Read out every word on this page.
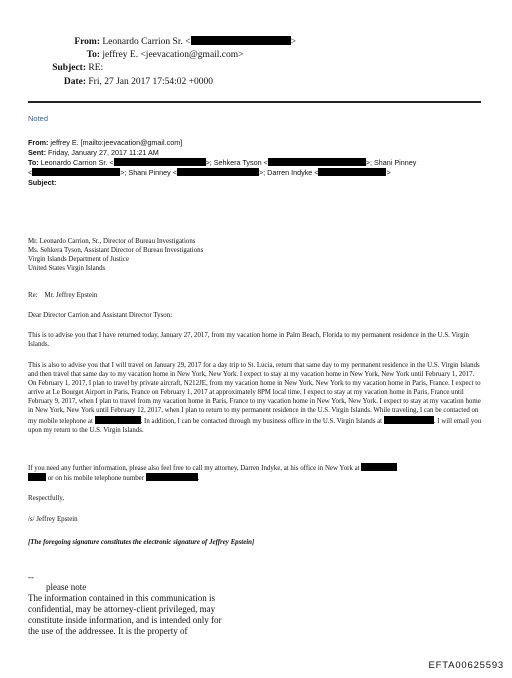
From: Leonardo Carrion Sr. <	>
To: jeffrey E. <jeevacation@gmail.com>
Subject: RE:
Date: Fri, 27 Jan 2017 17:54:02 +0000
Noted
From: jeffrey E. [mailto:jeevacation@gmail.com]
Sent: Friday, January 27, 2017 11:21 AM
To: Leonardo Carrion Sr. <	>; Sehkera Tyson <	>; Shani Pinney
<	>; Shani Pinney <	>; Darren Indyke <	>
Subject:

Mr. Leonardo Carrion, Sr., Director of Bureau Investigations

Ms. Sehkera Tyson, Assistant Director of Bureau Investigations

Virgin Islands Department of Justice

United States Virgin Islands

Re: Mr. Jeffrey Epstein
Dear Director Carrion and Assistant Director Tyson:
This is to advise you that I have returned today, January 27, 2017, from my vacation home in Palm Beach, Florida to my permanent residence in the U.S. Virgin Islands.
This is also to advise you that I will travel on January 29, 2017 for a day trip to St. Lucia, return that same day to my permanent residence in the U.S. Virgin Islands and then travel that same day to my vacation home in New York, New York. I expect to stay at my vacation home in New York, New York until February 1, 2017. On February 1, 2017, I plan to travel by private aircraft, N212JE, from my vacation home in New York, New York to my vacation home in Paris, France. I expect to arrive at Le Bourget Airport in Paris, France on February 1, 2017 at approximately 8PM local time. I expect to stay at my vacation home in Paris, France until February 9, 2017, when I plan to travel from my vacation home in Paris, France to my vacation home in New York, New York. I expect to stay at my vacation home in New York, New York until February 12, 2017, when I plan to return to my permanent residence in the U.S. Virgin Islands. While traveling, I can be contacted on my mobile telephone at	. In addition, I can be contacted through my business office in the U.S. Virgin Islands at	. I will email you upon my return to the U.S. Virgin Islands.
If you need any further information, please also feel free to call my attorney, Darren Indyke, at his office in New York at
or on his mobile telephone number	.
Respectfully,
/s/ Jeffrey Epstein
[The foregoing signature constitutes the electronic signature of Jeffrey Epstein]
--
please note
The information contained in this communication is
confidential, may be attorney-client privileged, may
constitute inside information, and is intended only for
the use of the addressee. It is the property of
EFTA00625593
